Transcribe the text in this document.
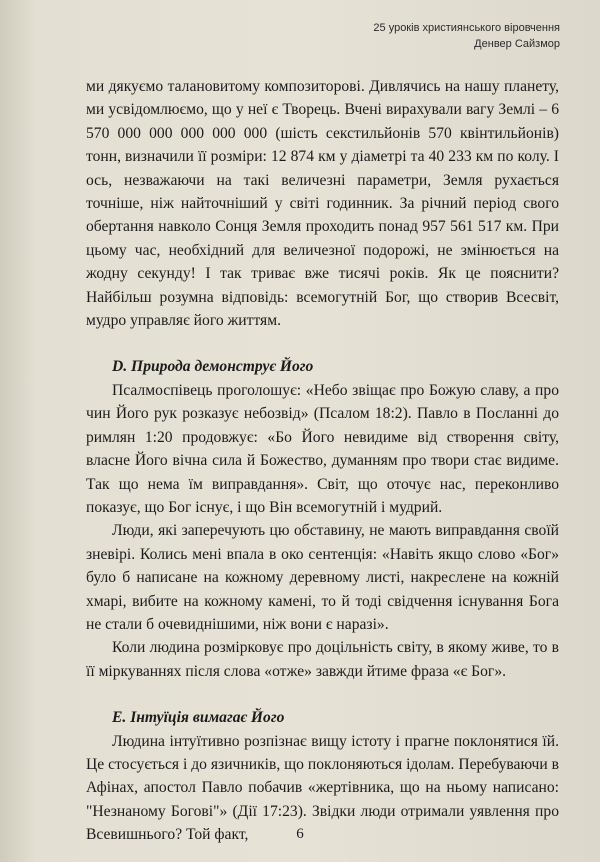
25 уроків християнського віровчення
Денвер Сайзмор

ми дякуємо талановитому композиторові. Дивлячись на нашу планету, ми усвідомлюємо, що у неї є Творець. Вчені вирахували вагу Землі – 6 570 000 000 000 000 000 (шість секстильйонів 570 квінтильйонів) тонн, визначили її розміри: 12 874 км у діаметрі та 40 233 км по колу. І ось, незважаючи на такі величезні параметри, Земля рухається точніше, ніж найточніший у світі годинник. За річний період свого обертання навколо Сонця Земля проходить понад 957 561 517 км. При цьому час, необхідний для величезної подорожі, не змінюється на жодну секунду! І так триває вже тисячі років. Як це пояснити? Найбільш розумна відповідь: всемогутній Бог, що створив Всесвіт, мудро управляє його життям.

D. Природа демонструє Його

Псалмоспівець проголошує: «Небо звіщає про Божую славу, а про чин Його рук розказує небозвід» (Псалом 18:2). Павло в Посланні до римлян 1:20 продовжує: «Бо Його невидиме від створення світу, власне Його вічна сила й Божество, думанням про твори стає видиме. Так що нема їм виправдання». Світ, що оточує нас, переконливо показує, що Бог існує, і що Він всемогутній і мудрий.

Люди, які заперечують цю обставину, не мають виправдання своїй зневірі. Колись мені впала в око сентенція: «Навіть якщо слово «Бог» було б написане на кожному деревному листі, накреслене на кожній хмарі, вибите на кожному камені, то й тоді свідчення існування Бога не стали б очевиднішими, ніж вони є наразі».

Коли людина розмірковує про доцільність світу, в якому живе, то в її міркуваннях після слова «отже» завжди йтиме фраза «є Бог».

E. Інтуїція вимагає Його

Людина інтуїтивно розпізнає вищу істоту і прагне поклонятися їй. Це стосується і до язичників, що поклоняються ідолам. Перебуваючи в Афінах, апостол Павло побачив «жертівника, що на ньому написано: "Незнаному Богові"» (Дії 17:23). Звідки люди отримали уявлення про Всевишнього? Той факт,	6
